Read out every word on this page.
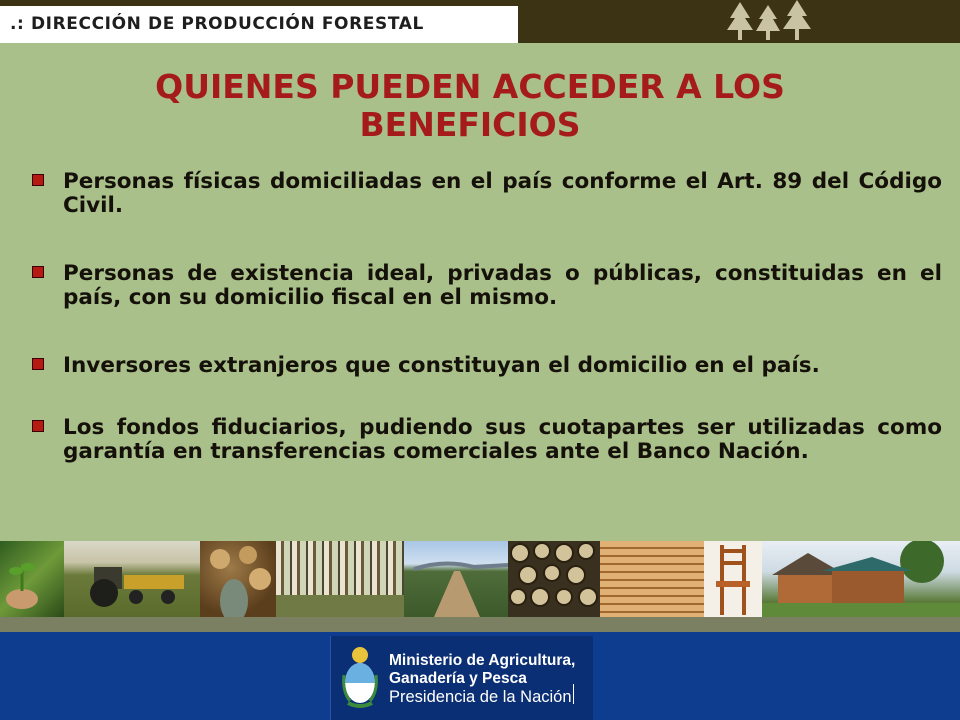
.: DIRECCIÓN DE PRODUCCIÓN FORESTAL
QUIENES PUEDEN ACCEDER A LOS
BENEFICIOS
Personas físicas domiciliadas en el país conforme el Art. 89 del Código Civil.
Personas de existencia ideal, privadas o públicas, constituidas en el país, con su domicilio fiscal en el mismo.
Inversores extranjeros que constituyan el domicilio en el país.
Los fondos fiduciarios, pudiendo sus cuotapartes ser utilizadas como garantía en transferencias comerciales ante el Banco Nación.
Ministerio de Agricultura,
Ganadería y Pesca
Presidencia de la Nación
